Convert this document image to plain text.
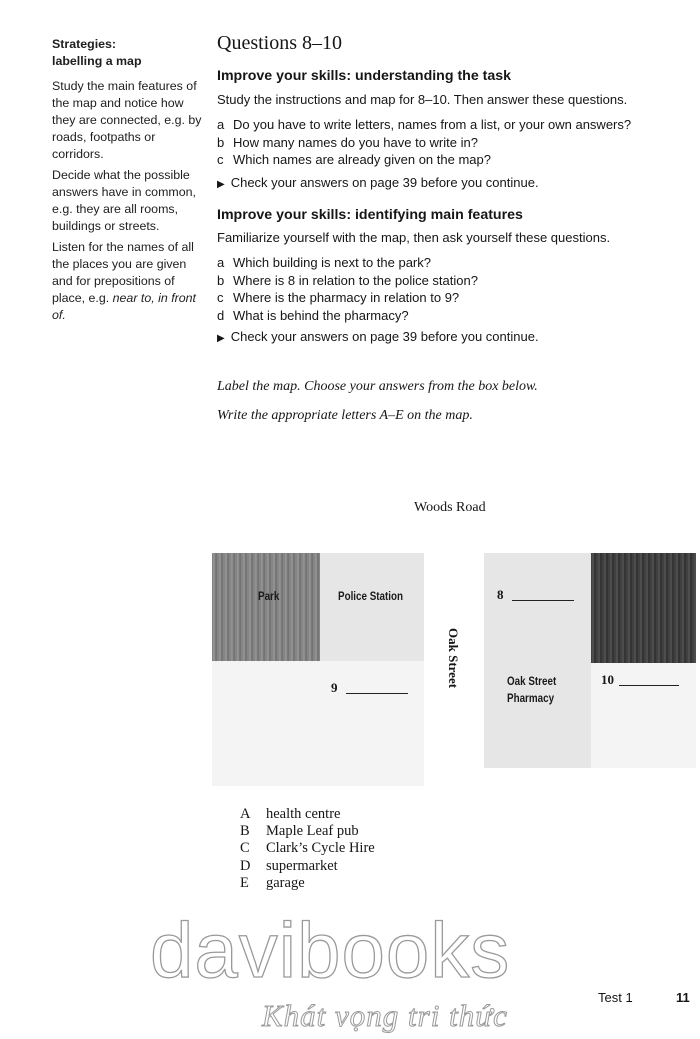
Strategies:
labelling a map

Study the main features of the map and notice how they are connected, e.g. by roads, footpaths or corridors.

Decide what the possible answers have in common, e.g. they are all rooms, buildings or streets.

Listen for the names of all the places you are given and for prepositions of place, e.g. near to, in front of.

Questions 8–10
Improve your skills: understanding the task
Study the instructions and map for 8–10. Then answer these questions.
a Do you have to write letters, names from a list, or your own answers?
b How many names do you have to write in?
c Which names are already given on the map?
▶ Check your answers on page 39 before you continue.
Improve your skills: identifying main features
Familiarize yourself with the map, then ask yourself these questions.
a Which building is next to the park?
b Where is 8 in relation to the police station?
c Where is the pharmacy in relation to 9?
d What is behind the pharmacy?
▶ Check your answers on page 39 before you continue.
Label the map. Choose your answers from the box below.
Write the appropriate letters A–E on the map.
Woods Road
Park	Police Station
9	Oak Street
8
Oak Street
Pharmacy
10
A health centre
B Maple Leaf pub
C Clark’s Cycle Hire
D supermarket
E garage
davibooks
Khát vọng tri thức
Test 1	11
